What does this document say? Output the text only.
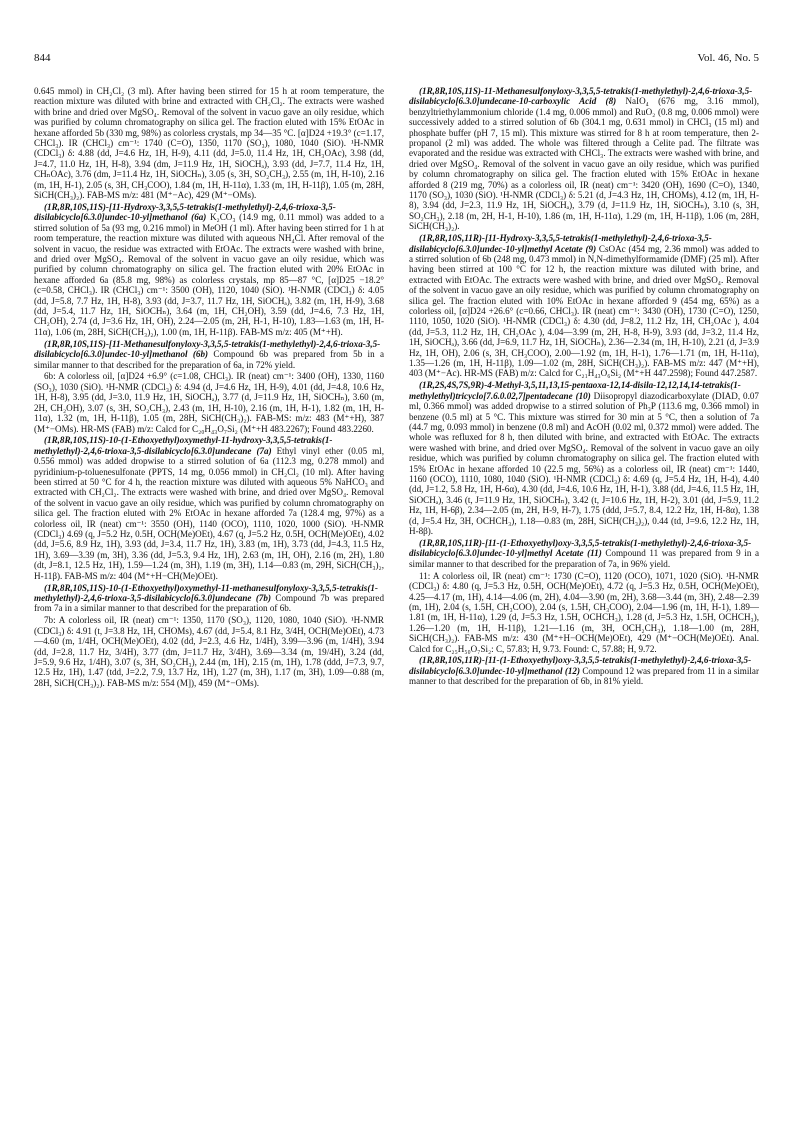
844	Vol. 46, No. 5

0.645 mmol) in CH₂Cl₂ (3 ml). After having been stirred for 15 h at room temperature, the reaction mixture was diluted with brine and extracted with CH₂Cl₂. The extracts were washed with brine and dried over MgSO₄. Removal of the solvent in vacuo gave an oily residue, which was purified by column chromatography on silica gel. The fraction eluted with 15% EtOAc in hexane afforded 5b (330 mg, 98%) as colorless crystals, mp 34—35 °C. [α]D24 +19.3° (c=1.17, CHCl₃). IR (CHCl₃) cm⁻¹: 1740 (C=O), 1350, 1170 (SO₃), 1080, 1040 (SiO). ¹H-NMR (CDCl₃) δ: 4.88 (dd, J=4.6 Hz, 1H, H-9), 4.11 (dd, J=5.0, 11.4 Hz, 1H, CH₃OAc), 3.98 (dd, J=4.7, 11.0 Hz, 1H, H-8), 3.94 (dm, J=11.9 Hz, 1H, SiOCHₐ), 3.93 (dd, J=7.7, 11.4 Hz, 1H, CHₙOAc), 3.76 (dm, J=11.4 Hz, 1H, SiOCHₙ), 3.05 (s, 3H, SO₂CH₃), 2.55 (m, 1H, H-10), 2.16 (m, 1H, H-1), 2.05 (s, 3H, CH₃COO), 1.84 (m, 1H, H-11α), 1.33 (m, 1H, H-11β), 1.05 (m, 28H, SiCH(CH₃)₂). FAB-MS m/z: 481 (M⁺−Ac), 429 (M⁺−OMs).

(1R,8R,10S,11S)-[11-Hydroxy-3,3,5,5-tetrakis(1-methylethyl)-2,4,6-trioxa-3,5-disilabicyclo[6.3.0]undec-10-yl]methanol (6a) K₂CO₃ (14.9 mg, 0.11 mmol) was added to a stirred solution of 5a (93 mg, 0.216 mmol) in MeOH (1 ml). After having been stirred for 1 h at room temperature, the reaction mixture was diluted with aqueous NH₄Cl. After removal of the solvent in vacuo, the residue was extracted with EtOAc. The extracts were washed with brine, and dried over MgSO₄. Removal of the solvent in vacuo gave an oily residue, which was purified by column chromatography on silica gel. The fraction eluted with 20% EtOAc in hexane afforded 6a (85.8 mg, 98%) as colorless crystals, mp 85—87 °C, [α]D25 −18.2° (c=0.58, CHCl₃). IR (CHCl₃) cm⁻¹: 3500 (OH), 1120, 1040 (SiO). ¹H-NMR (CDCl₃) δ: 4.05 (dd, J=5.8, 7.7 Hz, 1H, H-8), 3.93 (dd, J=3.7, 11.7 Hz, 1H, SiOCHₐ), 3.82 (m, 1H, H-9), 3.68 (dd, J=5.4, 11.7 Hz, 1H, SiOCHₙ), 3.64 (m, 1H, CH₂OH), 3.59 (dd, J=4.6, 7.3 Hz, 1H, CH₂OH), 2.74 (d, J=3.6 Hz, 1H, OH), 2.24—2.05 (m, 2H, H-1, H-10), 1.83—1.63 (m, 1H, H-11α), 1.06 (m, 28H, SiCH(CH₃)₂), 1.00 (m, 1H, H-11β). FAB-MS m/z: 405 (M⁺+H).

(1R,8R,10S,11S)-[11-Methanesulfonyloxy-3,3,5,5-tetrakis(1-methylethyl)-2,4,6-trioxa-3,5-disilabicyclo[6.3.0]undec-10-yl]methanol (6b) Compound 6b was prepared from 5b in a similar manner to that described for the preparation of 6a, in 72% yield.

6b: A colorless oil, [α]D24 +6.9° (c=1.08, CHCl₃). IR (neat) cm⁻¹: 3400 (OH), 1330, 1160 (SO₃), 1030 (SiO). ¹H-NMR (CDCl₃) δ: 4.94 (d, J=4.6 Hz, 1H, H-9), 4.01 (dd, J=4.8, 10.6 Hz, 1H, H-8), 3.95 (dd, J=3.0, 11.9 Hz, 1H, SiOCHₐ), 3.77 (d, J=11.9 Hz, 1H, SiOCHₙ), 3.60 (m, 2H, CH₂OH), 3.07 (s, 3H, SO₂CH₃), 2.43 (m, 1H, H-10), 2.16 (m, 1H, H-1), 1.82 (m, 1H, H-11α), 1.32 (m, 1H, H-11β), 1.05 (m, 28H, SiCH(CH₃)₂). FAB-MS: m/z: 483 (M⁺+H), 387 (M⁺−OMs). HR-MS (FAB) m/z: Calcd for C₂₀H₄₃O₇Si₂ (M⁺+H 483.2267); Found 483.2260.

(1R,8R,10S,11S)-10-(1-Ethoxyethyl)oxymethyl-11-hydroxy-3,3,5,5-tetrakis(1-methylethyl)-2,4,6-trioxa-3,5-disilabicyclo[6.3.0]undecane (7a) Ethyl vinyl ether (0.05 ml, 0.556 mmol) was added dropwise to a stirred solution of 6a (112.3 mg, 0.278 mmol) and pyridinium-p-toluenesulfonate (PPTS, 14 mg, 0.056 mmol) in CH₂Cl₂ (10 ml). After having been stirred at 50 °C for 4 h, the reaction mixture was diluted with aqueous 5% NaHCO₃ and extracted with CH₂Cl₂. The extracts were washed with brine, and dried over MgSO₄. Removal of the solvent in vacuo gave an oily residue, which was purified by column chromatography on silica gel. The fraction eluted with 2% EtOAc in hexane afforded 7a (128.4 mg, 97%) as a colorless oil, IR (neat) cm⁻¹: 3550 (OH), 1140 (OCO), 1110, 1020, 1000 (SiO). ¹H-NMR (CDCl₃) 4.69 (q, J=5.2 Hz, 0.5H, OCH(Me)OEt), 4.67 (q, J=5.2 Hz, 0.5H, OCH(Me)OEt), 4.02 (dd, J=5.6, 8.9 Hz, 1H), 3.93 (dd, J=3.4, 11.7 Hz, 1H), 3.83 (m, 1H), 3.73 (dd, J=4.3, 11.5 Hz, 1H), 3.69—3.39 (m, 3H), 3.36 (dd, J=5.3, 9.4 Hz, 1H), 2.63 (m, 1H, OH), 2.16 (m, 2H), 1.80 (dt, J=8.1, 12.5 Hz, 1H), 1.59—1.24 (m, 3H), 1.19 (m, 3H), 1.14—0.83 (m, 29H, SiCH(CH₃)₂, H-11β). FAB-MS m/z: 404 (M⁺+H−CH(Me)OEt).

(1R,8R,10S,11S)-10-(1-Ethoxyethyl)oxymethyl-11-methanesulfonyloxy-3,3,5,5-tetrakis(1-methylethyl)-2,4,6-trioxa-3,5-disilabicyclo[6.3.0]undecane (7b) Compound 7b was prepared from 7a in a similar manner to that described for the preparation of 6b.

7b: A colorless oil, IR (neat) cm⁻¹: 1350, 1170 (SO₃), 1120, 1080, 1040 (SiO). ¹H-NMR (CDCl₃) δ: 4.91 (t, J=3.8 Hz, 1H, CHOMs), 4.67 (dd, J=5.4, 8.1 Hz, 3/4H, OCH(Me)OEt), 4.73—4.60 (m, 1/4H, OCH(Me)OEt), 4.02 (dd, J=2.3, 4.6 Hz, 1/4H), 3.99—3.96 (m, 1/4H), 3.94 (dd, J=2.8, 11.7 Hz, 3/4H), 3.77 (dm, J=11.7 Hz, 3/4H), 3.69—3.34 (m, 19/4H), 3.24 (dd, J=5.9, 9.6 Hz, 1/4H), 3.07 (s, 3H, SO₂CH₃), 2.44 (m, 1H), 2.15 (m, 1H), 1.78 (ddd, J=7.3, 9.7, 12.5 Hz, 1H), 1.47 (tdd, J=2.2, 7.9, 13.7 Hz, 1H), 1.27 (m, 3H), 1.17 (m, 3H), 1.09—0.88 (m, 28H, SiCH(CH₃)₂). FAB-MS m/z: 554 (M]), 459 (M⁺−OMs).

(1R,8R,10S,11S)-11-Methanesulfonyloxy-3,3,5,5-tetrakis(1-methylethyl)-2,4,6-trioxa-3,5-disilabicyclo[6.3.0]undecane-10-carboxylic Acid (8) NaIO₄ (676 mg, 3.16 mmol), benzyltriethylammonium chloride (1.4 mg, 0.006 mmol) and RuO₂ (0.8 mg, 0.006 mmol) were successively added to a stirred solution of 6b (304.1 mg, 0.631 mmol) in CHCl₃ (15 ml) and phosphate buffer (pH 7, 15 ml). This mixture was stirred for 8 h at room temperature, then 2-propanol (2 ml) was added. The whole was filtered through a Celite pad. The filtrate was evaporated and the residue was extracted with CHCl₃. The extracts were washed with brine, and dried over MgSO₄. Removal of the solvent in vacuo gave an oily residue, which was purified by column chromatography on silica gel. The fraction eluted with 15% EtOAc in hexane afforded 8 (219 mg, 70%) as a colorless oil, IR (neat) cm⁻¹: 3420 (OH), 1690 (C=O), 1340, 1170 (SO₃), 1030 (SiO). ¹H-NMR (CDCl₃) δ: 5.21 (d, J=4.3 Hz, 1H, CHOMs), 4.12 (m, 1H, H-8), 3.94 (dd, J=2.3, 11.9 Hz, 1H, SiOCHₐ), 3.79 (d, J=11.9 Hz, 1H, SiOCHₙ), 3.10 (s, 3H, SO₂CH₃), 2.18 (m, 2H, H-1, H-10), 1.86 (m, 1H, H-11α), 1.29 (m, 1H, H-11β), 1.06 (m, 28H, SiCH(CH₃)₂).

(1R,8R,10S,11R)-[11-Hydroxy-3,3,5,5-tetrakis(1-methylethyl)-2,4,6-trioxa-3,5-disilabicyclo[6.3.0]undec-10-yl]methyl Acetate (9) CsOAc (454 mg, 2.36 mmol) was added to a stirred solution of 6b (248 mg, 0.473 mmol) in N,N-dimethylformamide (DMF) (25 ml). After having been stirred at 100 °C for 12 h, the reaction mixture was diluted with brine, and extracted with EtOAc. The extracts were washed with brine, and dried over MgSO₄. Removal of the solvent in vacuo gave an oily residue, which was purified by column chromatography on silica gel. The fraction eluted with 10% EtOAc in hexane afforded 9 (454 mg, 65%) as a colorless oil, [α]D24 +26.6° (c=0.66, CHCl₃). IR (neat) cm⁻¹: 3430 (OH), 1730 (C=O), 1250, 1110, 1050, 1020 (SiO). ¹H-NMR (CDCl₃) δ: 4.30 (dd, J=8.2, 11.2 Hz, 1H, CH₂OAc ), 4.04 (dd, J=5.3, 11.2 Hz, 1H, CH₂OAc ), 4.04—3.99 (m, 2H, H-8, H-9), 3.93 (dd, J=3.2, 11.4 Hz, 1H, SiOCHₐ), 3.66 (dd, J=6.9, 11.7 Hz, 1H, SiOCHₙ), 2.36—2.34 (m, 1H, H-10), 2.21 (d, J=3.9 Hz, 1H, OH), 2.06 (s, 3H, CH₃COO), 2.00—1.92 (m, 1H, H-1), 1.76—1.71 (m, 1H, H-11α), 1.35—1.26 (m, 1H, H-11β), 1.09—1.02 (m, 28H, SiCH(CH₃)₂). FAB-MS m/z: 447 (M⁺+H), 403 (M⁺−Ac). HR-MS (FAB) m/z: Calcd for C₂₁H₄₃O₆Si₂ (M⁺+H 447.2598); Found 447.2587.

(1R,2S,4S,7S,9R)-4-Methyl-3,5,11,13,15-pentaoxa-12,14-disila-12,12,14,14-tetrakis(1-methylethyl)tricyclo[7.6.0.02,7]pentadecane (10) Diisopropyl diazodicarboxylate (DIAD, 0.07 ml, 0.366 mmol) was added dropwise to a stirred solution of Ph₃P (113.6 mg, 0.366 mmol) in benzene (0.5 ml) at 5 °C. This mixture was stirred for 30 min at 5 °C, then a solution of 7a (44.7 mg, 0.093 mmol) in benzene (0.8 ml) and AcOH (0.02 ml, 0.372 mmol) were added. The whole was refluxed for 8 h, then diluted with brine, and extracted with EtOAc. The extracts were washed with brine, and dried over MgSO₄. Removal of the solvent in vacuo gave an oily residue, which was purified by column chromatography on silica gel. The fraction eluted with 15% EtOAc in hexane afforded 10 (22.5 mg, 56%) as a colorless oil, IR (neat) cm⁻¹: 1440, 1160 (OCO), 1110, 1080, 1040 (SiO). ¹H-NMR (CDCl₃) δ: 4.69 (q, J=5.4 Hz, 1H, H-4), 4.40 (dd, J=1.2, 5.8 Hz, 1H, H-6α), 4.30 (dd, J=4.6, 10.6 Hz, 1H, H-1), 3.88 (dd, J=4.6, 11.5 Hz, 1H, SiOCHₐ), 3.46 (t, J=11.9 Hz, 1H, SiOCHₙ), 3.42 (t, J=10.6 Hz, 1H, H-2), 3.01 (dd, J=5.9, 11.2 Hz, 1H, H-6β), 2.34—2.05 (m, 2H, H-9, H-7), 1.75 (ddd, J=5.7, 8.4, 12.2 Hz, 1H, H-8α), 1.38 (d, J=5.4 Hz, 3H, OCHCH₃), 1.18—0.83 (m, 28H, SiCH(CH₃)₂), 0.44 (td, J=9.6, 12.2 Hz, 1H, H-8β).

(1R,8R,10S,11R)-[11-(1-Ethoxyethyl)oxy-3,3,5,5-tetrakis(1-methylethyl)-2,4,6-trioxa-3,5-disilabicyclo[6.3.0]undec-10-yl]methyl Acetate (11) Compound 11 was prepared from 9 in a similar manner to that described for the preparation of 7a, in 96% yield.

11: A colorless oil, IR (neat) cm⁻¹: 1730 (C=O), 1120 (OCO), 1071, 1020 (SiO). ¹H-NMR (CDCl₃) δ: 4.80 (q, J=5.3 Hz, 0.5H, OCH(Me)OEt), 4.72 (q, J=5.3 Hz, 0.5H, OCH(Me)OEt), 4.25—4.17 (m, 1H), 4.14—4.06 (m, 2H), 4.04—3.90 (m, 2H), 3.68—3.44 (m, 3H), 2.48—2.39 (m, 1H), 2.04 (s, 1.5H, CH₃COO), 2.04 (s, 1.5H, CH₃COO), 2.04—1.96 (m, 1H, H-1), 1.89—1.81 (m, 1H, H-11α), 1.29 (d, J=5.3 Hz, 1.5H, OCHCH₃), 1.28 (d, J=5.3 Hz, 1.5H, OCHCH₃), 1.26—1.20 (m, 1H, H-11β), 1.21—1.16 (m, 3H, OCH₂CH₃), 1.18—1.00 (m, 28H, SiCH(CH₃)₂). FAB-MS m/z: 430 (M⁺+H−OCH(Me)OEt), 429 (M⁺−OCH(Me)OEt). Anal. Calcd for C₂₅H₅₀O₇Si₂: C, 57.83; H, 9.73. Found: C, 57.88; H, 9.72.

(1R,8R,10S,11R)-[11-(1-Ethoxyethyl)oxy-3,3,5,5-tetrakis(1-methylethyl)-2,4,6-trioxa-3,5-disilabicyclo[6.3.0]undec-10-yl]methanol (12) Compound 12 was prepared from 11 in a similar manner to that described for the preparation of 6b, in 81% yield.
